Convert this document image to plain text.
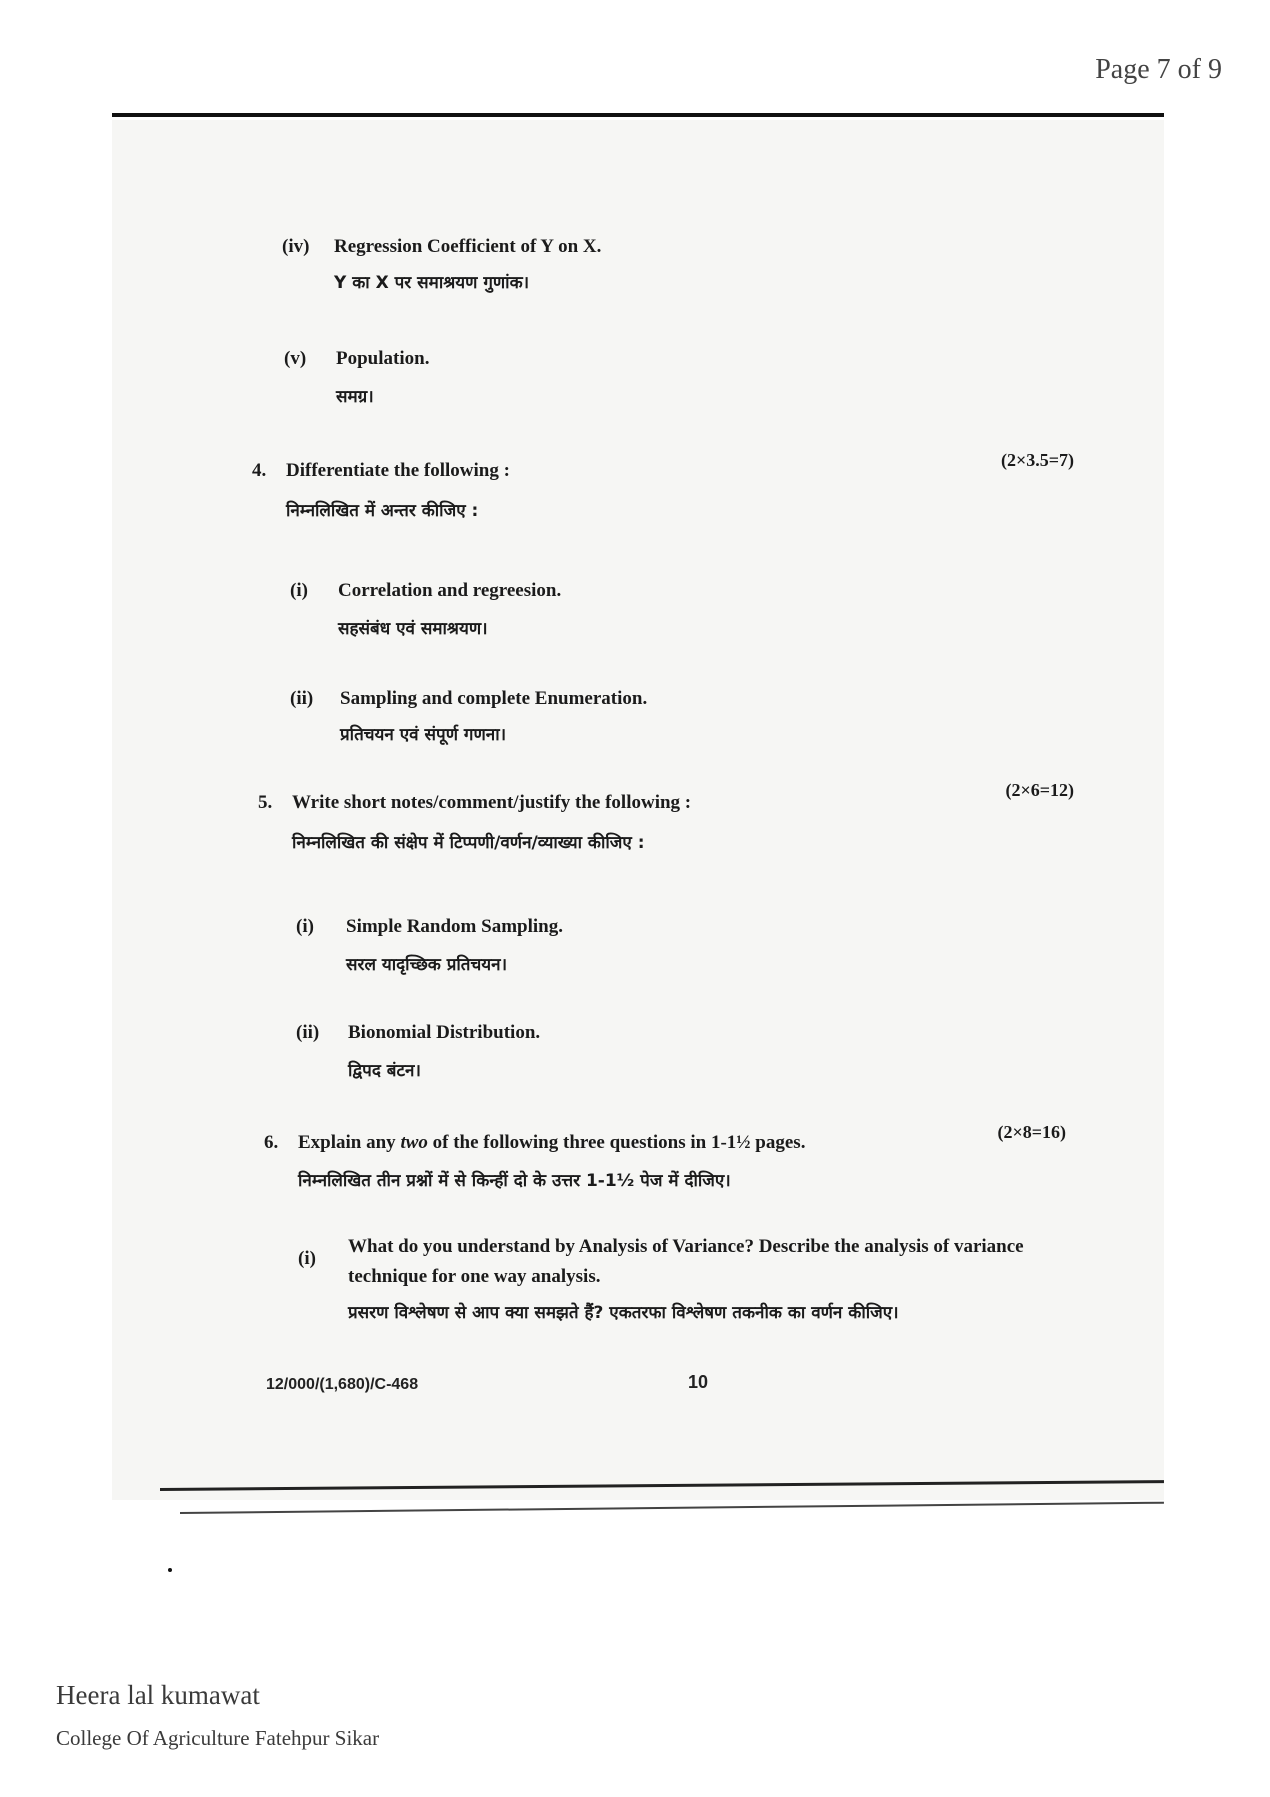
Page 7 of 9
(iv) Regression Coefficient of Y on X.
Y का X पर समाश्रयण गुणांक।
(v) Population.
समग्र।
4. Differentiate the following :	(2×3.5=7)
निम्नलिखित में अन्तर कीजिए :
(i) Correlation and regreesion.
सहसंबंध एवं समाश्रयण।
(ii) Sampling and complete Enumeration.
प्रतिचयन एवं संपूर्ण गणना।
5. Write short notes/comment/justify the following :
(2×6=12)
निम्नलिखित की संक्षेप में टिप्पणी/वर्णन/व्याख्या कीजिए :
(i) Simple Random Sampling.
सरल यादृच्छिक प्रतिचयन।
(ii) Bionomial Distribution.
द्विपद बंटन।
6. Explain any two of the following three questions in 1-1½ pages.	(2×8=16)
निम्नलिखित तीन प्रश्नों में से किन्हीं दो के उत्तर 1-1½ पेज में दीजिए।
(i)
What do you understand by Analysis of Variance? Describe the analysis of variance
technique for one way analysis.
प्रसरण विश्लेषण से आप क्या समझते हैं? एकतरफा विश्लेषण तकनीक का वर्णन कीजिए।
12/000/(1,680)/C-468	10
Heera lal kumawat
College Of Agriculture Fatehpur Sikar
